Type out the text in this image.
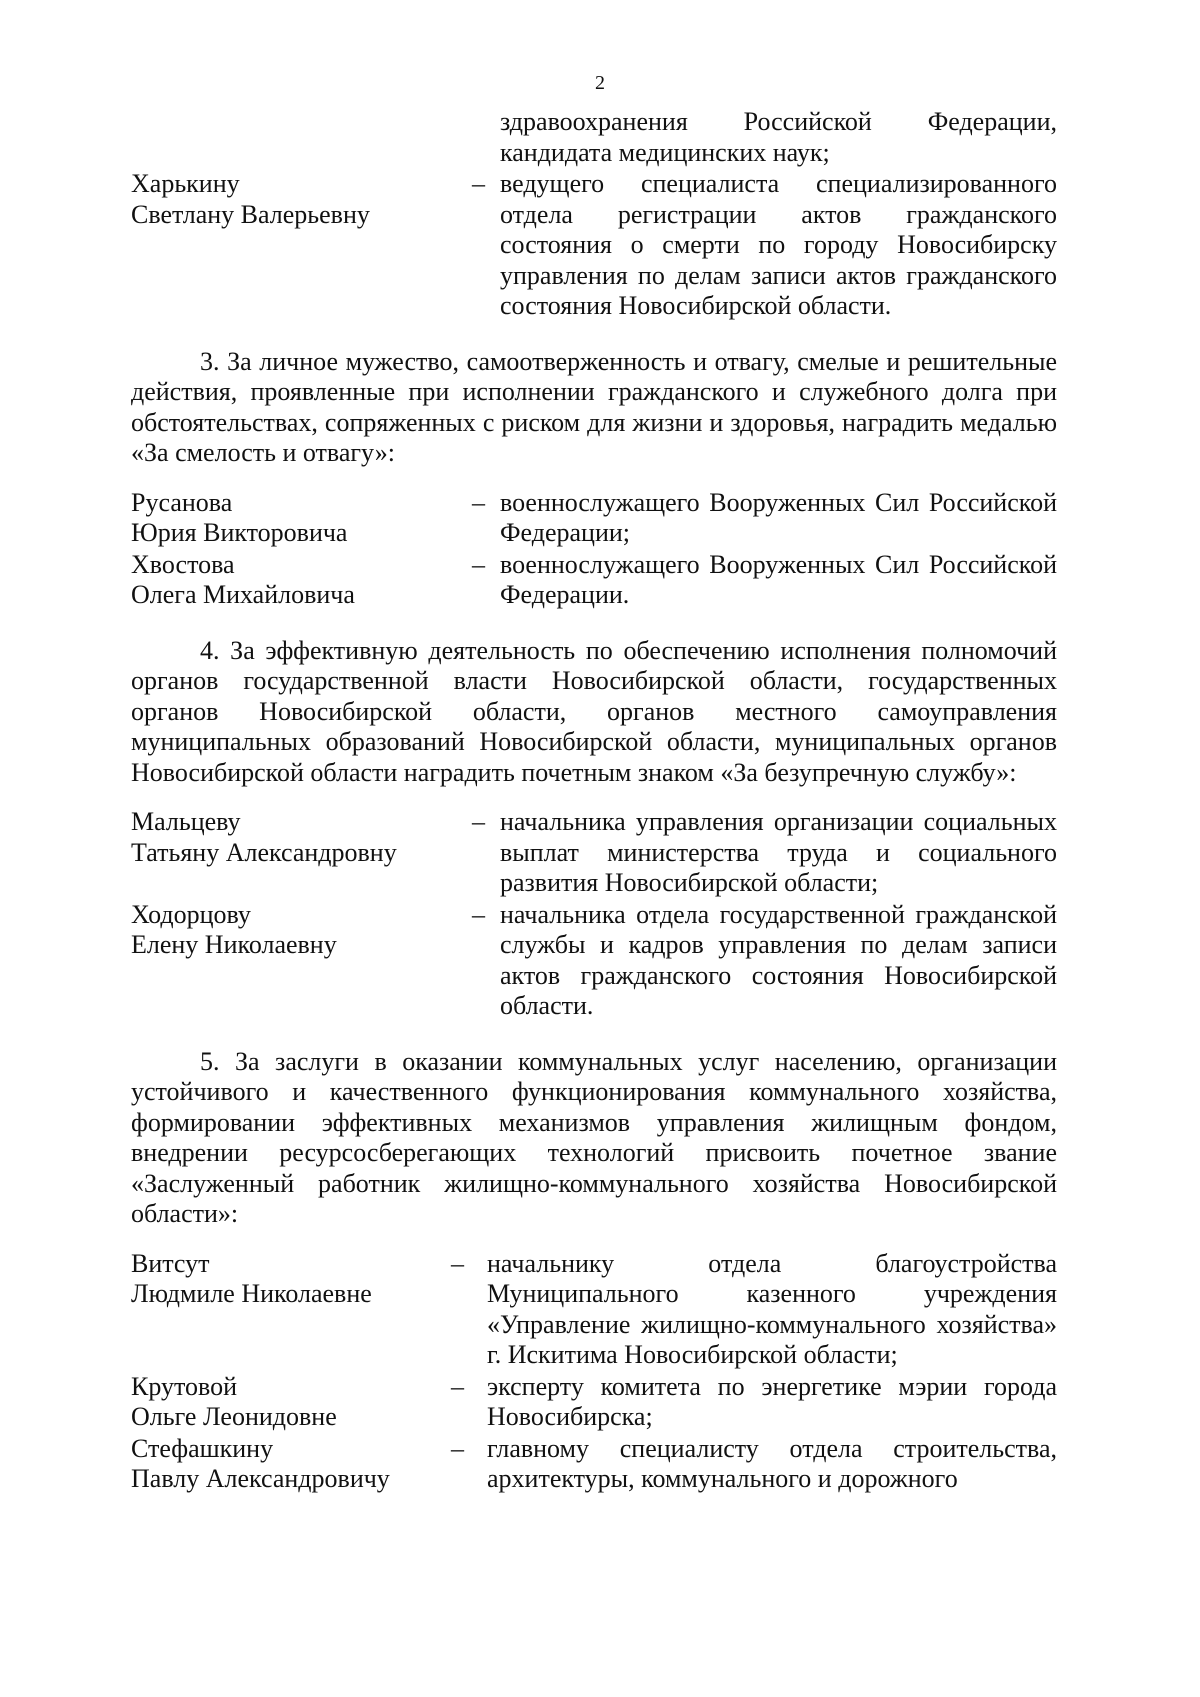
2
здравоохранения Российской Федерации, кандидата медицинских наук;
Харькину
Светлану Валерьевну
– ведущего специалиста специализированного отдела регистрации актов гражданского состояния о смерти по городу Новосибирску управления по делам записи актов гражданского состояния Новосибирской области.

3. За личное мужество, самоотверженность и отвагу, смелые и решительные действия, проявленные при исполнении гражданского и служебного долга при обстоятельствах, сопряженных с риском для жизни и здоровья, наградить медалью «За смелость и отвагу»:

Русанова
Юрия Викторовича
– военнослужащего Вооруженных Сил Российской Федерации;
Хвостова
Олега Михайловича
– военнослужащего Вооруженных Сил Российской Федерации.

4. За эффективную деятельность по обеспечению исполнения полномочий органов государственной власти Новосибирской области, государственных органов Новосибирской области, органов местного самоуправления муниципальных образований Новосибирской области, муниципальных органов Новосибирской области наградить почетным знаком «За безупречную службу»:

Мальцеву
Татьяну Александровну
– начальника управления организации социальных выплат министерства труда и социального развития Новосибирской области;
Ходорцову
Елену Николаевну
– начальника отдела государственной гражданской службы и кадров управления по делам записи актов гражданского состояния Новосибирской области.

5. За заслуги в оказании коммунальных услуг населению, организации устойчивого и качественного функционирования коммунального хозяйства, формировании эффективных механизмов управления жилищным фондом, внедрении ресурсосберегающих технологий присвоить почетное звание «Заслуженный работник жилищно-коммунального хозяйства Новосибирской области»:

Витсут
Людмиле Николаевне
– начальнику отдела благоустройства Муниципального казенного учреждения «Управление жилищно-коммунального хозяйства» г. Искитима Новосибирской области;
Крутовой
Ольге Леонидовне
– эксперту комитета по энергетике мэрии города Новосибирска;
Стефашкину
Павлу Александровичу
– главному специалисту отдела строительства, архитектуры, коммунального и дорожного
